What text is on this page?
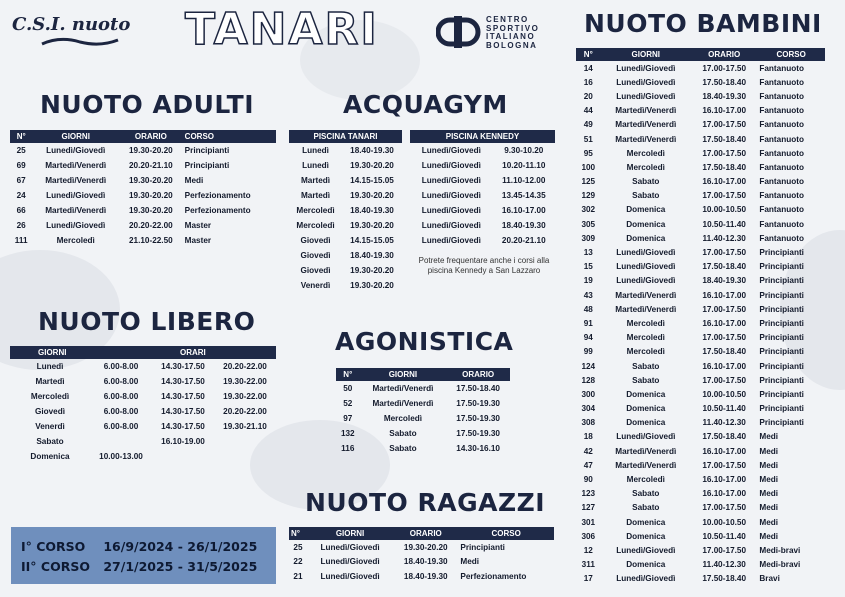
C.S.I. nuoto TANARI	CENTRO
SPORTIVO
ITALIANO
BOLOGNA
NUOTO ADULTI
N°	GIORNI	ORARIO	CORSO
25	Lunedì/Giovedì	19.30-20.20	Principianti
69	Martedì/Venerdì	20.20-21.10	Principianti
67	Martedì/Venerdì	19.30-20.20	Medi
24	Lunedì/Giovedì	19.30-20.20	Perfezionamento
66	Martedì/Venerdì	19.30-20.20	Perfezionamento
26	Lunedì/Giovedì	20.20-22.00	Master
111	Mercoledì	21.10-22.50	Master
ACQUAGYM
PISCINA TANARI	
Lunedì	18.40-19.30
Lunedì	19.30-20.20
Martedì	14.15-15.05
Martedì	19.30-20.20
Mercoledì	18.40-19.30
Mercoledì	19.30-20.20
Giovedì	14.15-15.05
Giovedì	18.40-19.30
Giovedì	19.30-20.20
Venerdì	19.30-20.20
PISCINA KENNEDY	
Lunedì/Giovedì	9.30-10.20
Lunedì/Giovedì	10.20-11.10
Lunedì/Giovedì	11.10-12.00
Lunedì/Giovedì	13.45-14.35
Lunedì/Giovedì	16.10-17.00
Lunedì/Giovedì	18.40-19.30
Lunedì/Giovedì	20.20-21.10
Potrete frequentare anche i corsi alla
piscina Kennedy a San Lazzaro
NUOTO LIBERO
GIORNI	ORARI		
Lunedì	6.00-8.00	14.30-17.50	20.20-22.00
Martedì	6.00-8.00	14.30-17.50	19.30-22.00
Mercoledì	6.00-8.00	14.30-17.50	19.30-22.00
Giovedì	6.00-8.00	14.30-17.50	20.20-22.00
Venerdì	6.00-8.00	14.30-17.50	19.30-21.10
Sabato		16.10-19.00	
Domenica	10.00-13.00		
AGONISTICA
N°	GIORNI	ORARIO
50	Martedì/Venerdì	17.50-18.40
52	Martedì/Venerdì	17.50-19.30
97	Mercoledì	17.50-19.30
132	Sabato	17.50-19.30
116	Sabato	14.30-16.10
NUOTO RAGAZZI
N°	GIORNI	ORARIO	CORSO
25	Lunedì/Giovedì	19.30-20.20	Principianti
22	Lunedì/Giovedì	18.40-19.30	Medi
21	Lunedì/Giovedì	18.40-19.30	Perfezionamento
I° CORSO 16/9/2024 - 26/1/2025
II° CORSO 27/1/2025 - 31/5/2025
NUOTO BAMBINI
N°	GIORNI	ORARIO	CORSO
14	Lunedì/Giovedì	17.00-17.50	Fantanuoto
16	Lunedì/Giovedì	17.50-18.40	Fantanuoto
20	Lunedì/Giovedì	18.40-19.30	Fantanuoto
44	Martedì/Venerdì	16.10-17.00	Fantanuoto
49	Martedì/Venerdì	17.00-17.50	Fantanuoto
51	Martedì/Venerdì	17.50-18.40	Fantanuoto
95	Mercoledì	17.00-17.50	Fantanuoto
100	Mercoledì	17.50-18.40	Fantanuoto
125	Sabato	16.10-17.00	Fantanuoto
129	Sabato	17.00-17.50	Fantanuoto
302	Domenica	10.00-10.50	Fantanuoto
305	Domenica	10.50-11.40	Fantanuoto
309	Domenica	11.40-12.30	Fantanuoto
13	Lunedì/Giovedì	17.00-17.50	Principianti
15	Lunedì/Giovedì	17.50-18.40	Principianti
19	Lunedì/Giovedì	18.40-19.30	Principianti
43	Martedì/Venerdì	16.10-17.00	Principianti
48	Martedì/Venerdì	17.00-17.50	Principianti
91	Mercoledì	16.10-17.00	Principianti
94	Mercoledì	17.00-17.50	Principianti
99	Mercoledì	17.50-18.40	Principianti
124	Sabato	16.10-17.00	Principianti
128	Sabato	17.00-17.50	Principianti
300	Domenica	10.00-10.50	Principianti
304	Domenica	10.50-11.40	Principianti
308	Domenica	11.40-12.30	Principianti
18	Lunedì/Giovedì	17.50-18.40	Medi
42	Martedì/Venerdì	16.10-17.00	Medi
47	Martedì/Venerdì	17.00-17.50	Medi
90	Mercoledì	16.10-17.00	Medi
123	Sabato	16.10-17.00	Medi
127	Sabato	17.00-17.50	Medi
301	Domenica	10.00-10.50	Medi
306	Domenica	10.50-11.40	Medi
12	Lunedì/Giovedì	17.00-17.50	Medi-bravi
311	Domenica	11.40-12.30	Medi-bravi
17	Lunedì/Giovedì	17.50-18.40	Bravi
